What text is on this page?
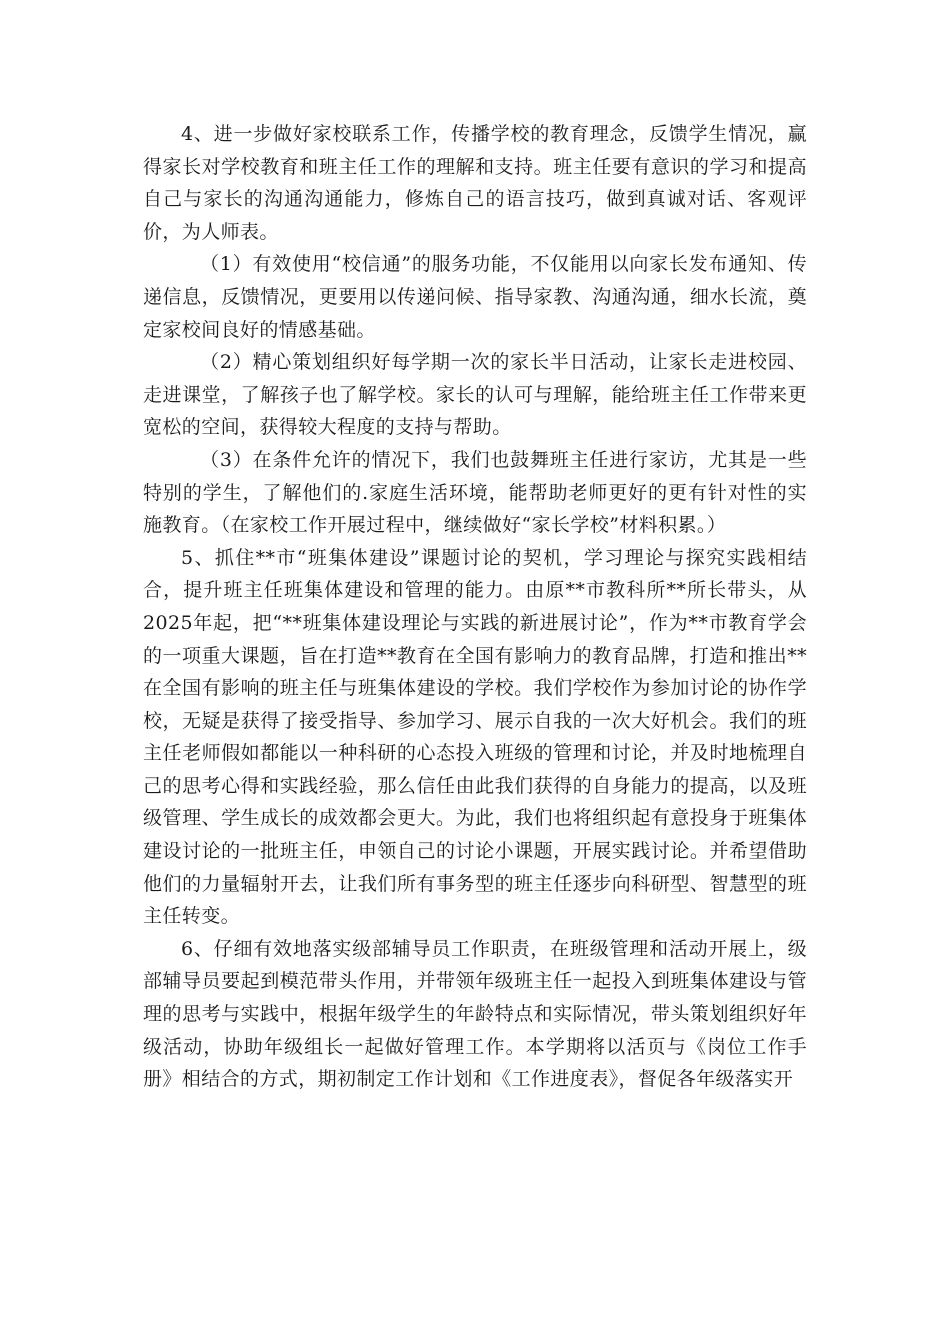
4、进一步做好家校联系工作，传播学校的教育理念，反馈学生情况，赢得家长对学校教育和班主任工作的理解和支持。班主任要有意识的学习和提高自己与家长的沟通沟通能力，修炼自己的语言技巧，做到真诚对话、客观评价，为人师表。

（1）有效使用“校信通”的服务功能，不仅能用以向家长发布通知、传递信息，反馈情况，更要用以传递问候、指导家教、沟通沟通，细水长流，奠定家校间良好的情感基础。

（2）精心策划组织好每学期一次的家长半日活动，让家长走进校园、走进课堂，了解孩子也了解学校。家长的认可与理解，能给班主任工作带来更宽松的空间，获得较大程度的支持与帮助。

（3）在条件允许的情况下，我们也鼓舞班主任进行家访，尤其是一些特别的学生，了解他们的.家庭生活环境，能帮助老师更好的更有针对性的实施教育。（在家校工作开展过程中，继续做好“家长学校”材料积累。）

5、抓住**市“班集体建设”课题讨论的契机，学习理论与探究实践相结合，提升班主任班集体建设和管理的能力。由原**市教科所**所长带头，从2025年起，把“**班集体建设理论与实践的新进展讨论”，作为**市教育学会的一项重大课题，旨在打造**教育在全国有影响力的教育品牌，打造和推出**在全国有影响的班主任与班集体建设的学校。我们学校作为参加讨论的协作学校，无疑是获得了接受指导、参加学习、展示自我的一次大好机会。我们的班主任老师假如都能以一种科研的心态投入班级的管理和讨论，并及时地梳理自己的思考心得和实践经验，那么信任由此我们获得的自身能力的提高，以及班级管理、学生成长的成效都会更大。为此，我们也将组织起有意投身于班集体建设讨论的一批班主任，申领自己的讨论小课题，开展实践讨论。并希望借助他们的力量辐射开去，让我们所有事务型的班主任逐步向科研型、智慧型的班主任转变。

6、仔细有效地落实级部辅导员工作职责，在班级管理和活动开展上，级部辅导员要起到模范带头作用，并带领年级班主任一起投入到班集体建设与管理的思考与实践中，根据年级学生的年龄特点和实际情况，带头策划组织好年级活动，协助年级组长一起做好管理工作。本学期将以活页与《岗位工作手册》相结合的方式，期初制定工作计划和《工作进度表》，督促各年级落实开
